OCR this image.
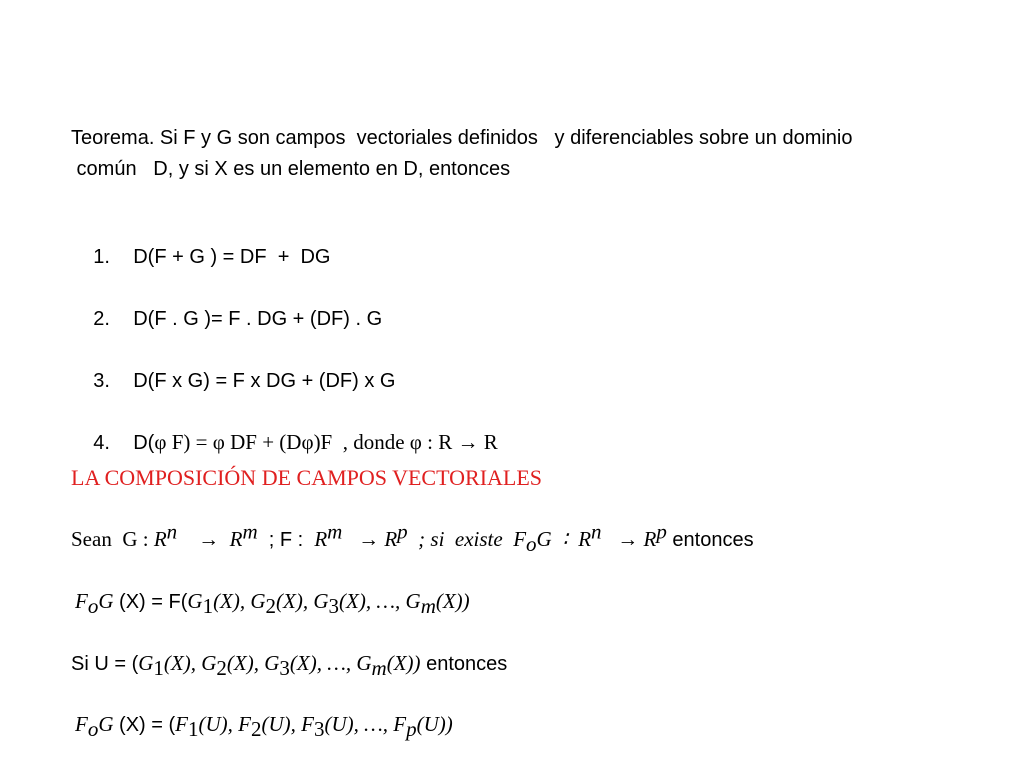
Teorema. Si F y G son campos  vectoriales definidos   y diferenciables sobre un dominio
común   D, y si X es un elemento en D, entonces

1. D(F + G ) = DF  +  DG

2. D(F . G )= F . DG + (DF) . G

3. D(F x G) = F x DG + (DF) x G

4. D(φ F) = φ DF + (Dφ)F  , donde φ : R → R

LA COMPOSICIÓN DE CAMPOS VECTORIALES
Sean  G : $R^n$    →  $R^m$  ; F :  $R^m \to R^p$  ; si  existe  $F_oG$  ∶  $R^n \to R^p$ entonces
$F_oG$ $(X) = F(G_1(X)$, $G_2(X)$, $G_3(X)$, …, $G_m(X)$)
Si $U = (G_1(X)$, $G_2(X)$, $G_3(X)$, …, $G_m(X)$) entonces
$F_oG$ $(X) = (F_1(U)$, $F_2(U)$, $F_3(U)$, …, $F_p(U)$)
